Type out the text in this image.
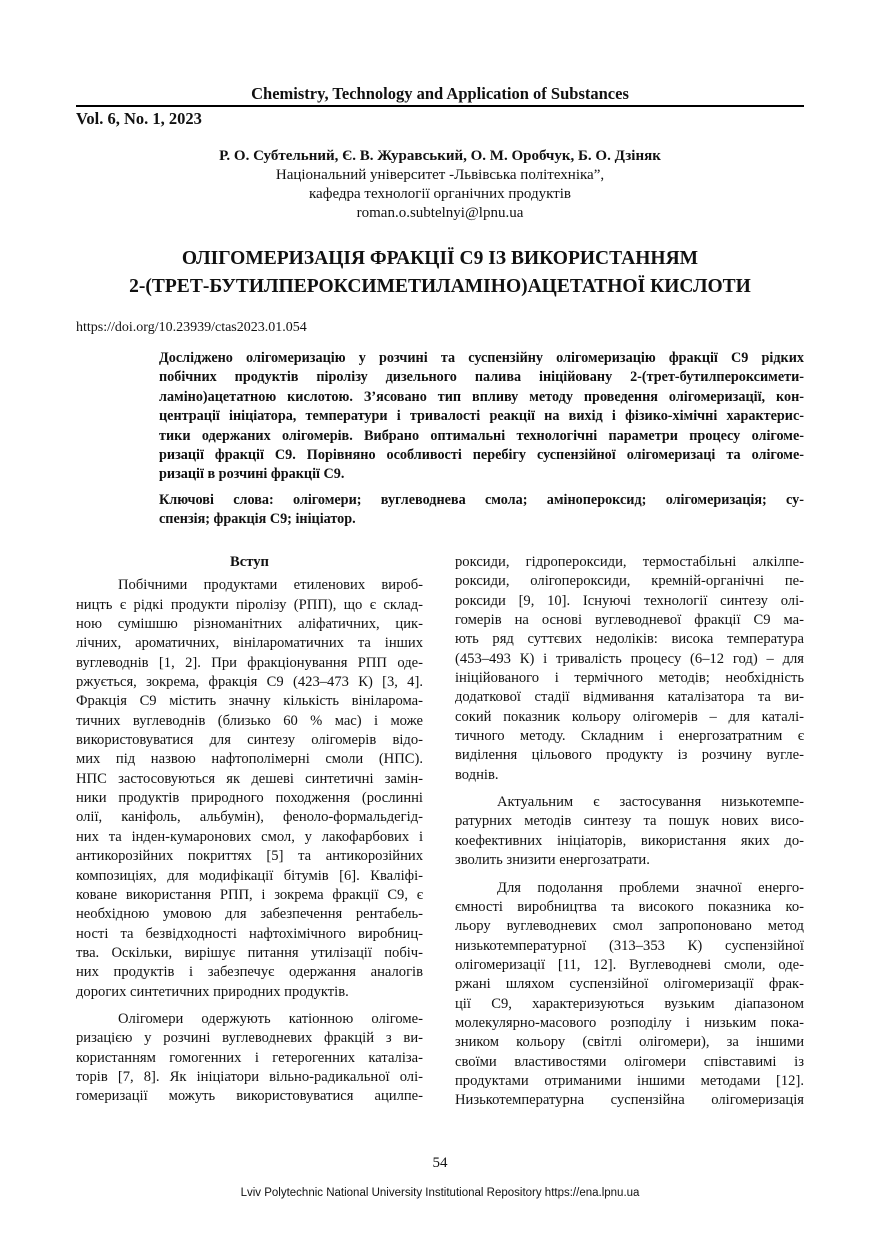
Chemistry, Technology and Application of Substances
Vol. 6, No. 1, 2023
Р. О. Субтельний, Є. В. Журавський, О. М. Оробчук, Б. О. Дзіняк
Національний університет ‑Львівська політехніка”,
кафедра технології органічних продуктів
roman.o.subtelnyi@lpnu.ua
ОЛІГОМЕРИЗАЦІЯ ФРАКЦІЇ С9 ІЗ ВИКОРИСТАННЯМ
2-(ТРЕТ-БУТИЛПЕРОКСИМЕТИЛАМІНО)АЦЕТАТНОЇ КИСЛОТИ
https://doi.org/10.23939/ctas2023.01.054
Досліджено олігомеризацію у розчині та суспензійну олігомеризацію фракції С9 рідких
побічних продуктів піролізу дизельного палива ініційовану 2-(трет-бутилпероксимети-
ламіно)ацетатною кислотою. З’ясовано тип впливу методу проведення олігомеризації, кон-
центрації ініціатора, температури і тривалості реакції на вихід і фізико-хімічні характерис-
тики одержаних олігомерів. Вибрано оптимальні технологічні параметри процесу олігоме-
ризації фракції С9. Порівняно особливості перебігу суспензійної олігомеризаці та олігоме-
ризації в розчині фракції С9.
Ключові слова: олігомери; вуглеводнева смола; амінопероксид; олігомеризація; су-
спензія; фракція С9; ініціатор.
Вступ
Побічними продуктами етиленових вироб-
ницть є рідкі продукти піролізу (РПП), що є склад-
ною сумішшю різноманітних аліфатичних, цик-
лічних, ароматичних, вініларoматичних та інших
вуглеводнів [1, 2]. При фракціонування РПП оде-
ржується, зокрема, фракція С9 (423–473 К) [3, 4].
Фракція С9 містить значну кількість вініларома-
тичних вуглеводнів (близько 60 % мас) і може
використовуватися для синтезу олігомерів відо-
мих під назвою нафтополімерні смоли (НПС).
НПС застосовуються як дешеві синтетичні замін-
ники продуктів природного походження (рослинні
олії, каніфоль, альбумін), феноло-формальдегід-
них та інден-кумаронових смол, у лакофарбових і
антикорозійних покриттях [5] та антикорозійних
композиціях, для модифікації бітумів [6]. Кваліфі-
коване використання РПП, і зокрема фракції С9, є
необхідною умовою для забезпечення рентабель-
ності та безвідходності нафтохімічного виробниц-
тва. Оскільки, вирішує питання утилізації побіч-
них продуктів і забезпечує одержання аналогів
дорогих синтетичних природних продуктів.
Олігомери одержують катіонною олігоме-
ризацією у розчині вуглеводневих фракцій з ви-
користанням гомогенних і гетерогенних каталіза-
торів [7, 8]. Як ініціатори вільно-радикальної олі-
гомеризації можуть використовуватися ацилпе-
роксиди, гідропероксиди, термостабільні алкілпе-
роксиди, олігопероксиди, кремній-органічні пе-
роксиди [9, 10]. Існуючі технології синтезу олі-
гомерів на основі вуглеводневої фракції С9 ма-
ють ряд суттєвих недоліків: висока температура
(453–493 К) і тривалість процесу (6–12 год) – для
ініційованого і термічного методів; необхідність
додаткової стадії відмивання каталізатора та ви-
сокий показник кольору олігомерів – для каталі-
тичного методу. Складним і енергозатратним є
виділення цільового продукту із розчину вугле-
воднів.
Актуальним є застосування низькотемпе-
ратурних методів синтезу та пошук нових висо-
коефективних ініціаторів, використання яких до-
зволить знизити енергозатрати.
Для подолання проблеми значної енерго-
ємності виробництва та високого показника ко-
льору вуглеводневих смол запропоновано метод
низькотемпературної (313–353 К) суспензійної
олігомеризації [11, 12]. Вуглеводневі смоли, оде-
ржані шляхом суспензійної олігомеризації фрак-
ції С9, характеризуються вузьким діапазоном
молекулярно-масового розподілу і низьким пока-
зником кольору (світлі олігомери), за іншими
своїми властивостями олігомери співставимі із
продуктами отриманими іншими методами [12].
Низькотемпературна суспензійна олігомеризація
54
Lviv Polytechnic National University Institutional Repository https://ena.lpnu.ua
